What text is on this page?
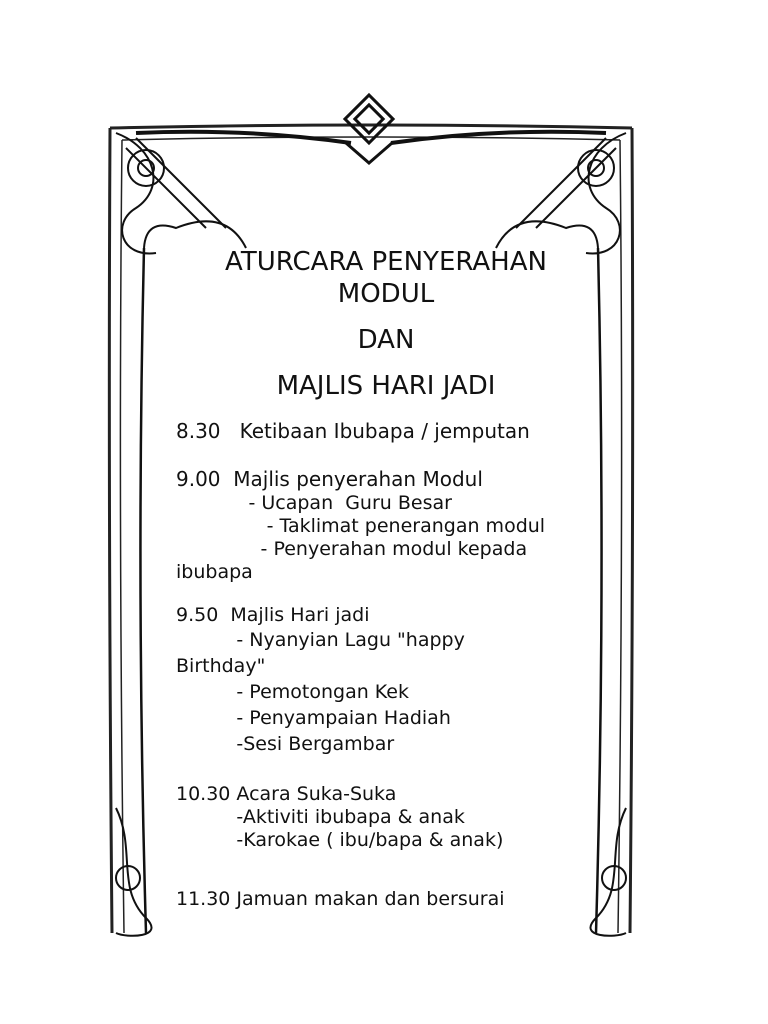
ATURCARA PENYERAHAN

MODUL

DAN

MAJLIS HARI JADI

8.30   Ketibaan Ibubapa / jemputan

9.00  Majlis penyerahan Modul

- Ucapan  Guru Besar

- Taklimat penerangan modul

- Penyerahan modul kepada

ibubapa

9.50  Majlis Hari jadi

- Nyanyian Lagu "happy

Birthday"

- Pemotongan Kek

- Penyampaian Hadiah

-Sesi Bergambar

10.30 Acara Suka-Suka

-Aktiviti ibubapa & anak

-Karokae ( ibu/bapa & anak)

11.30 Jamuan makan dan bersurai
